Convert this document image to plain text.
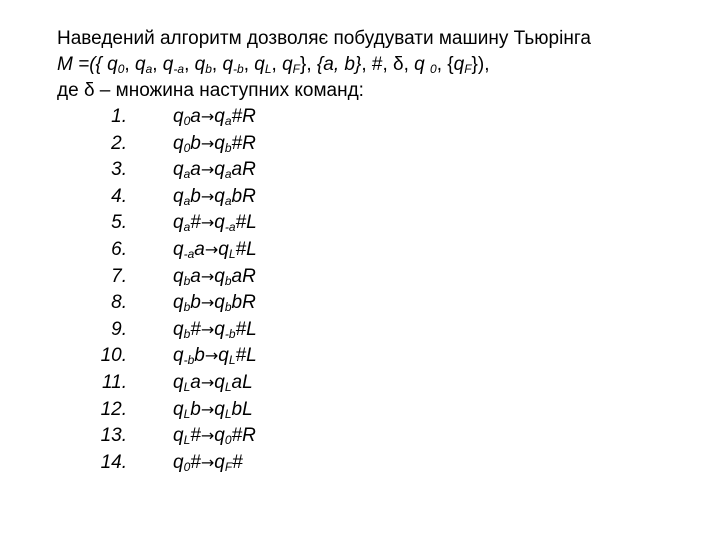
Наведений алгоритм дозволяє побудувати машину Тьюрінга
M =({ $q_0$, $q_a$, $q_{-a}$, $q_b$, $q_{-b}$, $q_L$, $q_F$}, {a, b}, #, δ, q $_0$, $\{q_F\}$),
де δ – множина наступних команд:
1. $q_0a\to q_a\#R$
2. $q_0b\to q_b\#R$
3. $q_aa\to q_aaR$
4. $q_ab\to q_abR$
5. $q_a\#\to q_{-a}\#L$
6. $q_{-a}a\to q_L\#L$
7. $q_ba\to q_baR$
8. $q_bb\to q_bbR$
9. $q_b\#\to q_{-b}\#L$
10. $q_{-b}b\to q_L\#L$
11. $q_La\to q_LaL$
12. $q_Lb\to q_LbL$
13. $q_L\#\to q_0\#R$
14. $q_0\#\to q_F\#$
